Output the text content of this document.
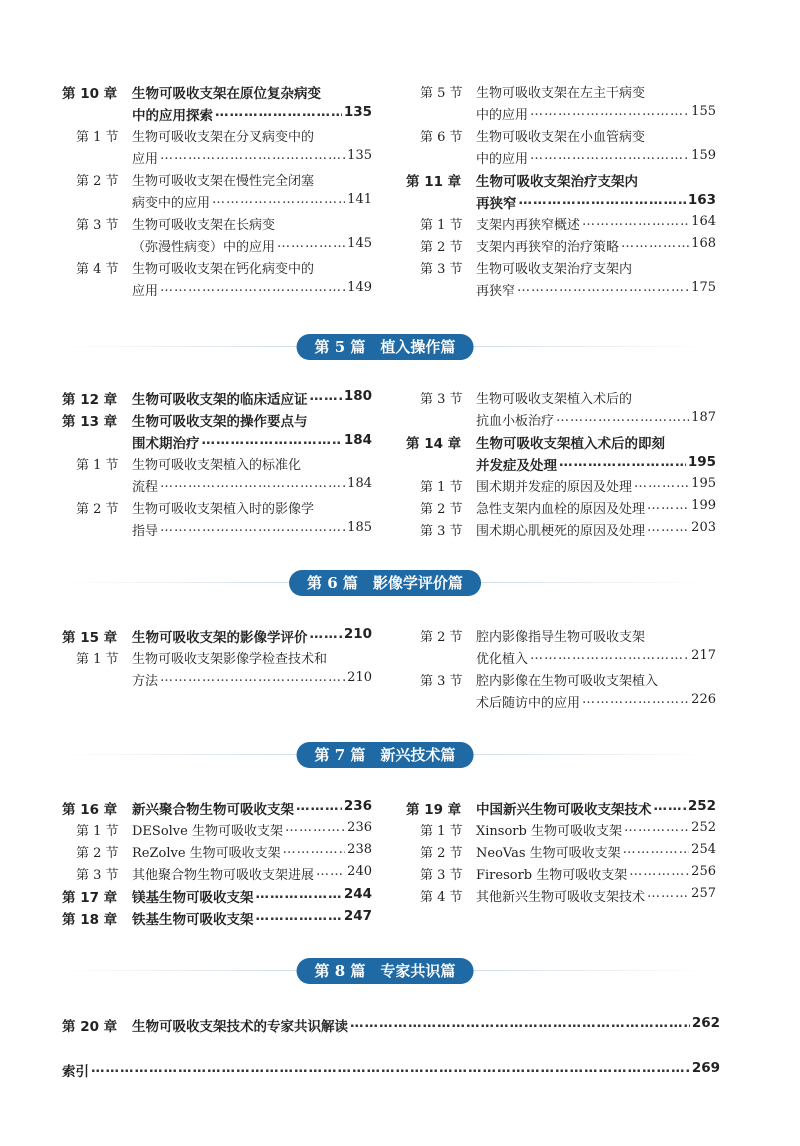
第 10 章 生物可吸收支架在原位复杂病变
中的应用探索 ………………………………………………………………………………………………………………………………………………………………………………	135
第 1 节 生物可吸收支架在分叉病变中的
应用 ………………………………………………………………………………………………………………………………………………………………………………	135
第 2 节 生物可吸收支架在慢性完全闭塞
病变中的应用 ………………………………………………………………………………………………………………………………………………………………………………	141
第 3 节 生物可吸收支架在长病变
（弥漫性病变）中的应用 ………………………………………………………………………………………………………………………………………………………………………………	145
第 4 节 生物可吸收支架在钙化病变中的
应用 ………………………………………………………………………………………………………………………………………………………………………………	149
第 5 节 生物可吸收支架在左主干病变
中的应用 ………………………………………………………………………………………………………………………………………………………………………………	155
第 6 节 生物可吸收支架在小血管病变
中的应用 ………………………………………………………………………………………………………………………………………………………………………………	159
第 11 章 生物可吸收支架治疗支架内
再狭窄 ………………………………………………………………………………………………………………………………………………………………………………	163
第 1 节 支架内再狭窄概述 ………………………………………………………………………………………………………………………………………………………………………………	164
第 2 节 支架内再狭窄的治疗策略 ………………………………………………………………………………………………………………………………………………………………………………	168
第 3 节 生物可吸收支架治疗支架内
再狭窄 ………………………………………………………………………………………………………………………………………………………………………………	175
第 5 篇　植入操作篇
第 12 章 生物可吸收支架的临床适应证 ………………………………………………………………………………………………………………………………………………………………………………	180
第 13 章 生物可吸收支架的操作要点与
围术期治疗 ………………………………………………………………………………………………………………………………………………………………………………	184
第 1 节 生物可吸收支架植入的标准化
流程 ………………………………………………………………………………………………………………………………………………………………………………	184
第 2 节 生物可吸收支架植入时的影像学
指导 ………………………………………………………………………………………………………………………………………………………………………………	185
第 3 节 生物可吸收支架植入术后的
抗血小板治疗 ………………………………………………………………………………………………………………………………………………………………………………	187
第 14 章 生物可吸收支架植入术后的即刻
并发症及处理 ………………………………………………………………………………………………………………………………………………………………………………	195
第 1 节 围术期并发症的原因及处理 ………………………………………………………………………………………………………………………………………………………………………………	195
第 2 节 急性支架内血栓的原因及处理 ………………………………………………………………………………………………………………………………………………………………………………	199
第 3 节 围术期心肌梗死的原因及处理 ………………………………………………………………………………………………………………………………………………………………………………	203
第 6 篇　影像学评价篇
第 15 章 生物可吸收支架的影像学评价 ………………………………………………………………………………………………………………………………………………………………………………	210
第 1 节 生物可吸收支架影像学检查技术和
方法 ………………………………………………………………………………………………………………………………………………………………………………	210
第 2 节 腔内影像指导生物可吸收支架
优化植入 ………………………………………………………………………………………………………………………………………………………………………………	217
第 3 节 腔内影像在生物可吸收支架植入
术后随访中的应用 ………………………………………………………………………………………………………………………………………………………………………………	226
第 7 篇　新兴技术篇
第 16 章 新兴聚合物生物可吸收支架 ………………………………………………………………………………………………………………………………………………………………………………	236
第 1 节 DESolve 生物可吸收支架 ………………………………………………………………………………………………………………………………………………………………………………	236
第 2 节 ReZolve 生物可吸收支架 ………………………………………………………………………………………………………………………………………………………………………………	238
第 3 节 其他聚合物生物可吸收支架进展 ………………………………………………………………………………………………………………………………………………………………………………	240
第 17 章 镁基生物可吸收支架 ………………………………………………………………………………………………………………………………………………………………………………	244
第 18 章 铁基生物可吸收支架 ………………………………………………………………………………………………………………………………………………………………………………	247
第 19 章 中国新兴生物可吸收支架技术 ………………………………………………………………………………………………………………………………………………………………………………	252
第 1 节 Xinsorb 生物可吸收支架 ………………………………………………………………………………………………………………………………………………………………………………	252
第 2 节 NeoVas 生物可吸收支架 ………………………………………………………………………………………………………………………………………………………………………………	254
第 3 节 Firesorb 生物可吸收支架 ………………………………………………………………………………………………………………………………………………………………………………	256
第 4 节 其他新兴生物可吸收支架技术 ………………………………………………………………………………………………………………………………………………………………………………	257
第 8 篇　专家共识篇
第 20 章 生物可吸收支架技术的专家共识解读 ………………………………………………………………………………………………………………………………………………………………………………	262
索引 ………………………………………………………………………………………………………………………………………………………………………………	269
